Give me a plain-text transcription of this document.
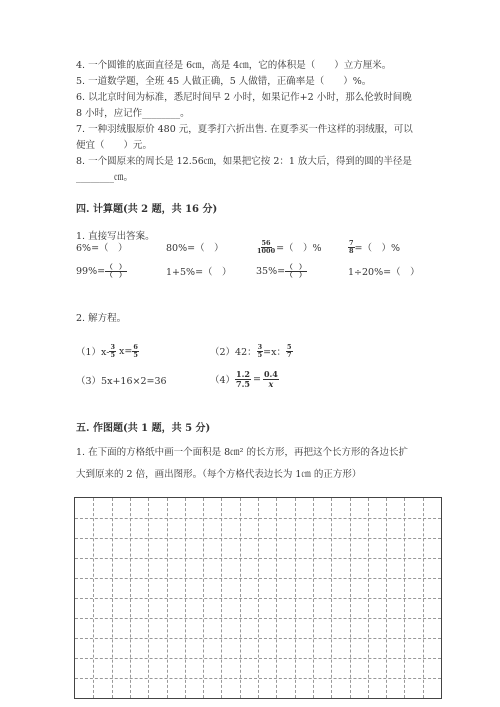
4. 一个圆锥的底面直径是 6㎝，高是 4㎝，它的体积是（　　）立方厘米。
5. 一道数学题，全班 45 人做正确，5 人做错，正确率是（　　）%。
6. 以北京时间为标准，悉尼时间早 2 小时，如果记作+2 小时，那么伦敦时间晚
8 小时，应记作________。
7. 一种羽绒服原价 480 元，夏季打六折出售. 在夏季买一件这样的羽绒服，可以
便宜（　　）元。
8. 一个圆原来的周长是 12.56㎝，如果把它按 2：1 放大后，得到的圆的半径是
________㎝。
四. 计算题(共 2 题，共 16 分)
1. 直接写出答案。
6%=（　）	80%=（　）	$\frac{56}{1000}$ =（　）%	$\frac{7}{8}$ =（　）%
$99\%= \frac{( )}{( )}$	1+5%=（　）	$35\%= \frac{( )}{( )}$	1÷20%=（　）
2. 解方程。
$(1)x- \frac{3}{5} x= \frac{6}{5}$	（2）42： $\frac{3}{5} =x$： $\frac{5}{7}$
（3）5x+16×2=36	$(4) \frac{1.2}{7.5} = \frac{0.4}{x}$
五. 作图题(共 1 题，共 5 分)
1. 在下面的方格纸中画一个面积是 8㎝² 的长方形，再把这个长方形的各边长扩
大到原来的 2 倍，画出图形。（每个方格代表边长为 1㎝ 的正方形）
